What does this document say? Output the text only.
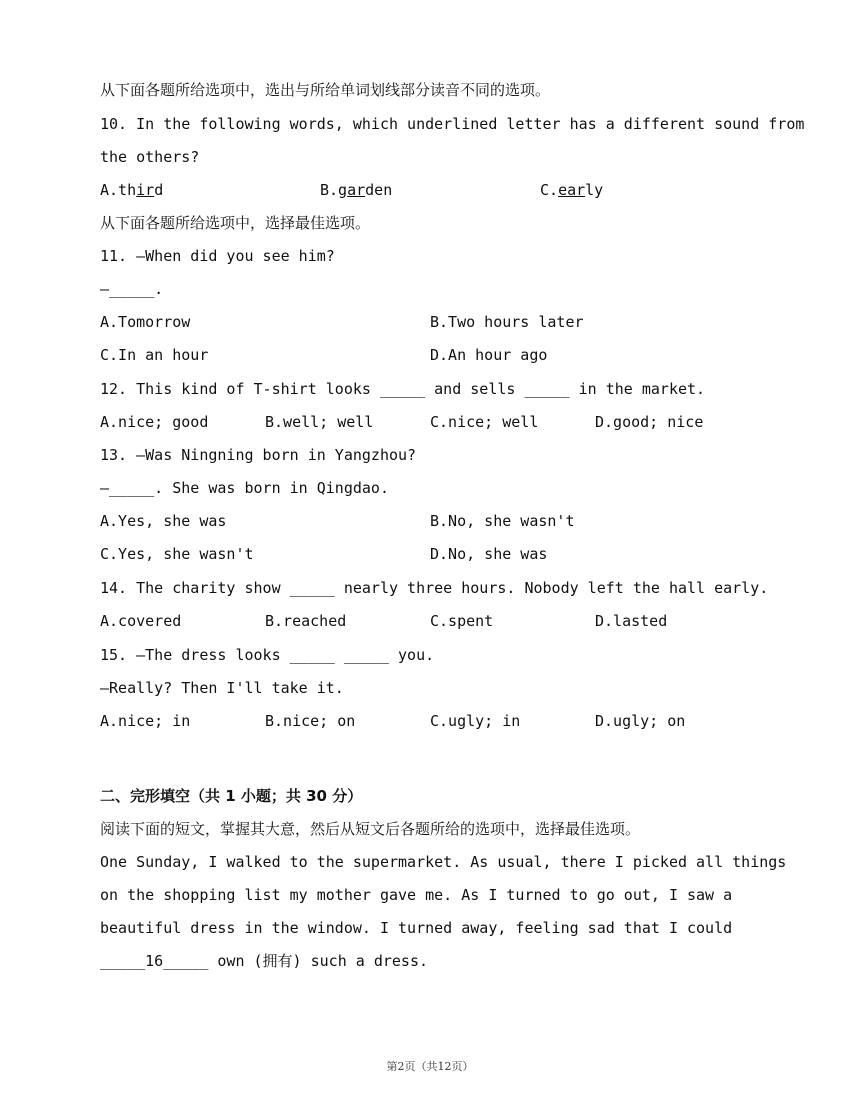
从下面各题所给选项中，选出与所给单词划线部分读音不同的选项。
10. In the following words, which underlined letter has a different sound from
the others?
A.third	B.garden	C.early
从下面各题所给选项中，选择最佳选项。
11. —When did you see him?
—_____.
A.Tomorrow	B.Two hours later
C.In an hour	D.An hour ago
12. This kind of T-shirt looks _____ and sells _____ in the market.
A.nice; good	B.well; well	C.nice; well	D.good; nice
13. —Was Ningning born in Yangzhou?
—_____. She was born in Qingdao.
A.Yes, she was	B.No, she wasn't
C.Yes, she wasn't	D.No, she was
14. The charity show _____ nearly three hours. Nobody left the hall early.
A.covered	B.reached	C.spent	D.lasted
15. —The dress looks _____ _____ you.
—Really? Then I'll take it.
A.nice; in	B.nice; on	C.ugly; in	D.ugly; on
二、完形填空（共 1 小题；共 30 分）
阅读下面的短文，掌握其大意，然后从短文后各题所给的选项中，选择最佳选项。
One Sunday, I walked to the supermarket. As usual, there I picked all things
on the shopping list my mother gave me. As I turned to go out, I saw a
beautiful dress in the window. I turned away, feeling sad that I could
_____16_____ own (拥有) such a dress.
第2页（共12页）
